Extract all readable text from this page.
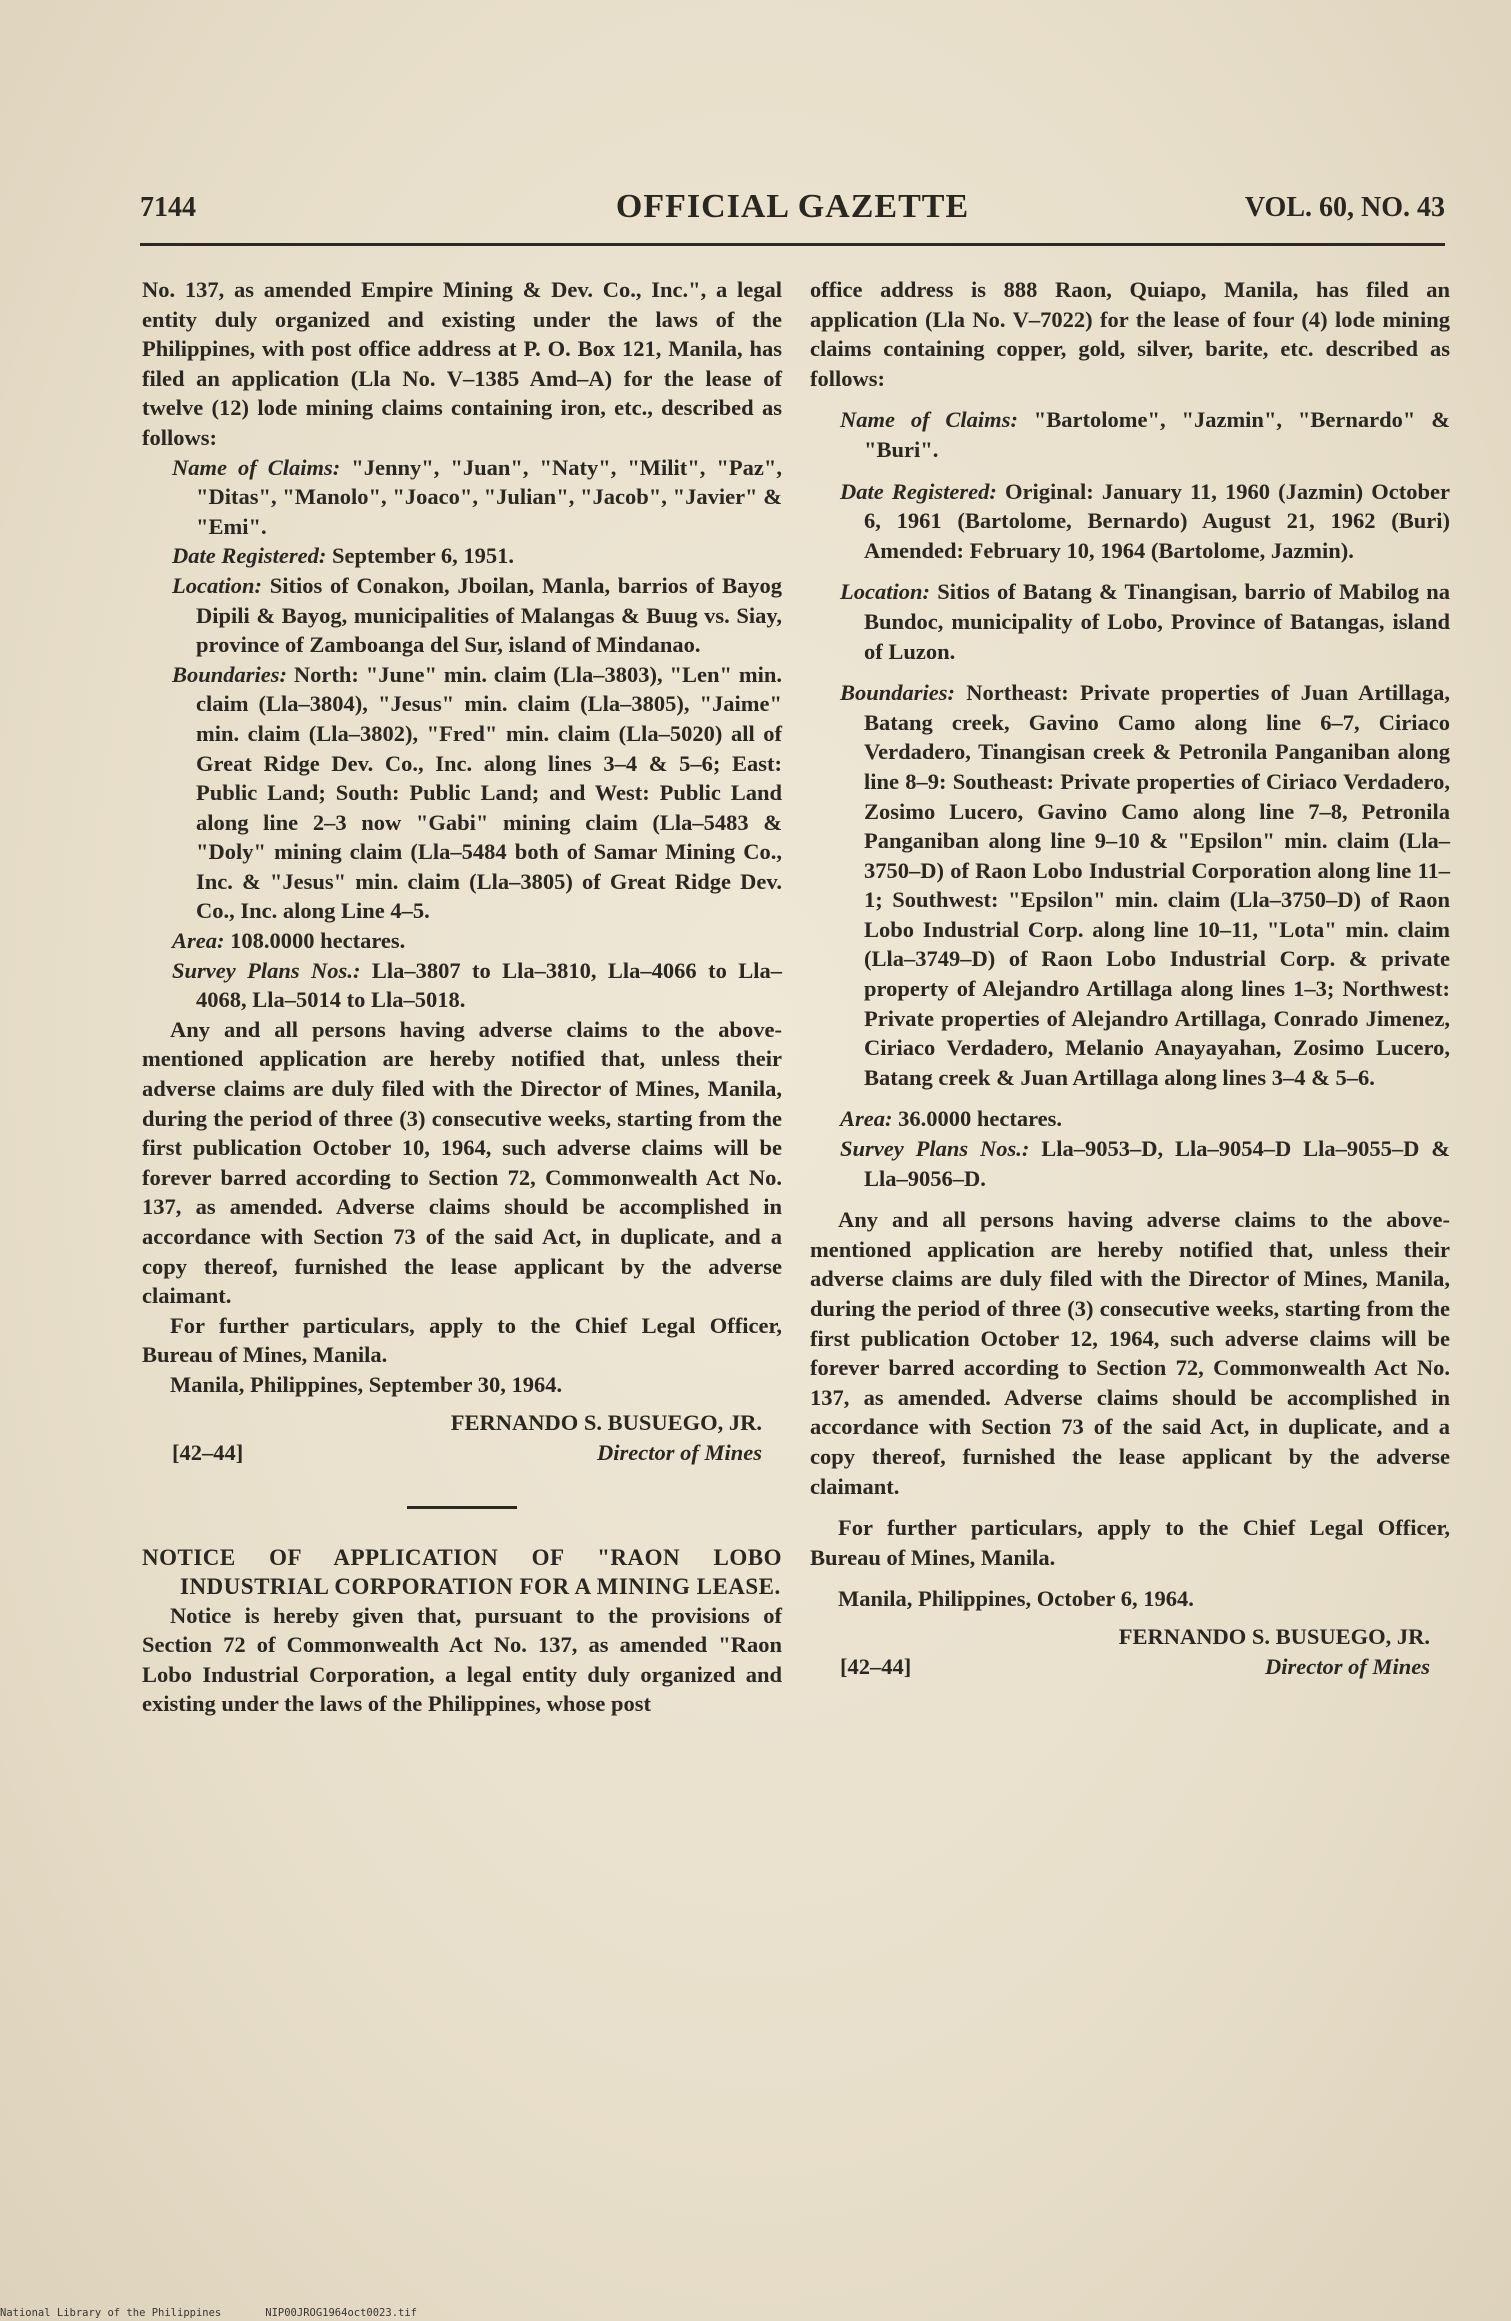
7144	OFFICIAL GAZETTE	VOL. 60, NO. 43

No. 137, as amended Empire Mining & Dev. Co., Inc.", a legal entity duly organized and existing under the laws of the Philippines, with post office address at P. O. Box 121, Manila, has filed an application (Lla No. V–1385 Amd–A) for the lease of twelve (12) lode mining claims containing iron, etc., described as follows:

Name of Claims: "Jenny", "Juan", "Naty", "Milit", "Paz", "Ditas", "Manolo", "Joaco", "Julian", "Jacob", "Javier" & "Emi".

Date Registered: September 6, 1951.

Location: Sitios of Conakon, Jboilan, Manla, barrios of Bayog Dipili & Bayog, municipalities of Malangas & Buug vs. Siay, province of Zamboanga del Sur, island of Mindanao.

Boundaries: North: "June" min. claim (Lla–3803), "Len" min. claim (Lla–3804), "Jesus" min. claim (Lla–3805), "Jaime" min. claim (Lla–3802), "Fred" min. claim (Lla–5020) all of Great Ridge Dev. Co., Inc. along lines 3–4 & 5–6; East: Public Land; South: Public Land; and West: Public Land along line 2–3 now "Gabi" mining claim (Lla–5483 & "Doly" mining claim (Lla–5484 both of Samar Mining Co., Inc. & "Jesus" min. claim (Lla–3805) of Great Ridge Dev. Co., Inc. along Line 4–5.

Area: 108.0000 hectares.

Survey Plans Nos.: Lla–3807 to Lla–3810, Lla–4066 to Lla–4068, Lla–5014 to Lla–5018.

Any and all persons having adverse claims to the above-mentioned application are hereby notified that, unless their adverse claims are duly filed with the Director of Mines, Manila, during the period of three (3) consecutive weeks, starting from the first publication October 10, 1964, such adverse claims will be forever barred according to Section 72, Commonwealth Act No. 137, as amended. Adverse claims should be accomplished in accordance with Section 73 of the said Act, in duplicate, and a copy thereof, furnished the lease applicant by the adverse claimant.

For further particulars, apply to the Chief Legal Officer, Bureau of Mines, Manila.

Manila, Philippines, September 30, 1964.

FERNANDO S. BUSUEGO, JR.
[42–44]	Director of Mines

NOTICE OF APPLICATION OF "RAON LOBO INDUSTRIAL CORPORATION FOR A MINING LEASE.

Notice is hereby given that, pursuant to the provisions of Section 72 of Commonwealth Act No. 137, as amended "Raon Lobo Industrial Corporation, a legal entity duly organized and existing under the laws of the Philippines, whose post

office address is 888 Raon, Quiapo, Manila, has filed an application (Lla No. V–7022) for the lease of four (4) lode mining claims containing copper, gold, silver, barite, etc. described as follows:

Name of Claims: "Bartolome", "Jazmin", "Bernardo" & "Buri".

Date Registered: Original: January 11, 1960 (Jazmin) October 6, 1961 (Bartolome, Bernardo) August 21, 1962 (Buri) Amended: February 10, 1964 (Bartolome, Jazmin).

Location: Sitios of Batang & Tinangisan, barrio of Mabilog na Bundoc, municipality of Lobo, Province of Batangas, island of Luzon.

Boundaries: Northeast: Private properties of Juan Artillaga, Batang creek, Gavino Camo along line 6–7, Ciriaco Verdadero, Tinangisan creek & Petronila Panganiban along line 8–9: Southeast: Private properties of Ciriaco Verdadero, Zosimo Lucero, Gavino Camo along line 7–8, Petronila Panganiban along line 9–10 & "Epsilon" min. claim (Lla–3750–D) of Raon Lobo Industrial Corporation along line 11–1; Southwest: "Epsilon" min. claim (Lla–3750–D) of Raon Lobo Industrial Corp. along line 10–11, "Lota" min. claim (Lla–3749–D) of Raon Lobo Industrial Corp. & private property of Alejandro Artillaga along lines 1–3; Northwest: Private properties of Alejandro Artillaga, Conrado Jimenez, Ciriaco Verdadero, Melanio Anayayahan, Zosimo Lucero, Batang creek & Juan Artillaga along lines 3–4 & 5–6.

Area: 36.0000 hectares.

Survey Plans Nos.: Lla–9053–D, Lla–9054–D Lla–9055–D & Lla–9056–D.

Any and all persons having adverse claims to the above-mentioned application are hereby notified that, unless their adverse claims are duly filed with the Director of Mines, Manila, during the period of three (3) consecutive weeks, starting from the first publication October 12, 1964, such adverse claims will be forever barred according to Section 72, Commonwealth Act No. 137, as amended. Adverse claims should be accomplished in accordance with Section 73 of the said Act, in duplicate, and a copy thereof, furnished the lease applicant by the adverse claimant.

For further particulars, apply to the Chief Legal Officer, Bureau of Mines, Manila.

Manila, Philippines, October 6, 1964.

FERNANDO S. BUSUEGO, JR.
[42–44]	Director of Mines
National Library of the Philippines	NIP00JROG1964oct0023.tif
